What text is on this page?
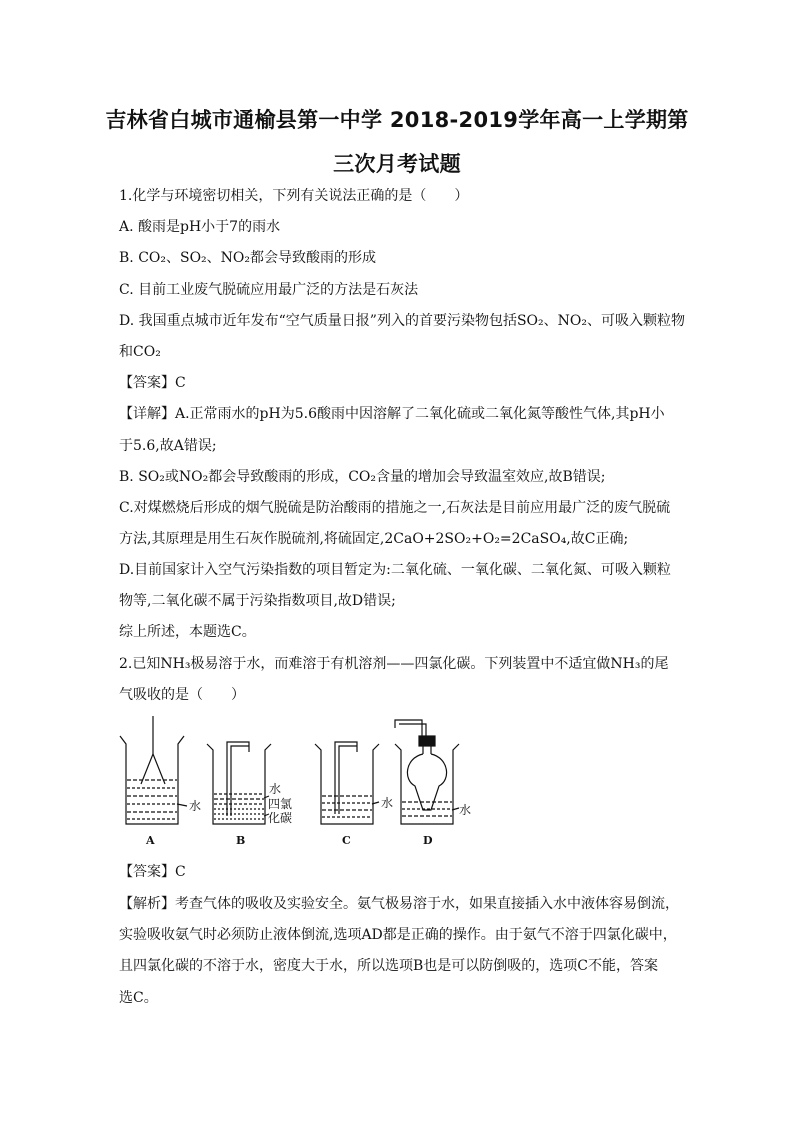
吉林省白城市通榆县第一中学 2018-2019学年高一上学期第
三次月考试题
1.化学与环境密切相关，下列有关说法正确的是（　　）
A. 酸雨是pH小于7的雨水
B. CO₂、SO₂、NO₂都会导致酸雨的形成
C. 目前工业废气脱硫应用最广泛的方法是石灰法
D. 我国重点城市近年发布“空气质量日报”列入的首要污染物包括SO₂、NO₂、可吸入颗粒物
和CO₂
【答案】C
【详解】A.正常雨水的pH为5.6酸雨中因溶解了二氧化硫或二氧化氮等酸性气体,其pH小
于5.6,故A错误;
B. SO₂或NO₂都会导致酸雨的形成，CO₂含量的增加会导致温室效应,故B错误;
C.对煤燃烧后形成的烟气脱硫是防治酸雨的措施之一,石灰法是目前应用最广泛的废气脱硫
方法,其原理是用生石灰作脱硫剂,将硫固定,2CaO+2SO₂+O₂=2CaSO₄,故C正确;
D.目前国家计入空气污染指数的项目暂定为:二氧化硫、一氧化碳、二氧化氮、可吸入颗粒
物等,二氧化碳不属于污染指数项目,故D错误;
综上所述，本题选C。
2.已知NH₃极易溶于水，而难溶于有机溶剂——四氯化碳。下列装置中不适宜做NH₃的尾
气吸收的是（　　）
水
A
水
四氯
化碳
B
水
C
水
D
【答案】C
【解析】考查气体的吸收及实验安全。氨气极易溶于水，如果直接插入水中液体容易倒流，
实验吸收氨气时必须防止液体倒流,选项AD都是正确的操作。由于氨气不溶于四氯化碳中，
且四氯化碳的不溶于水，密度大于水，所以选项B也是可以防倒吸的，选项C不能，答案
选C。
